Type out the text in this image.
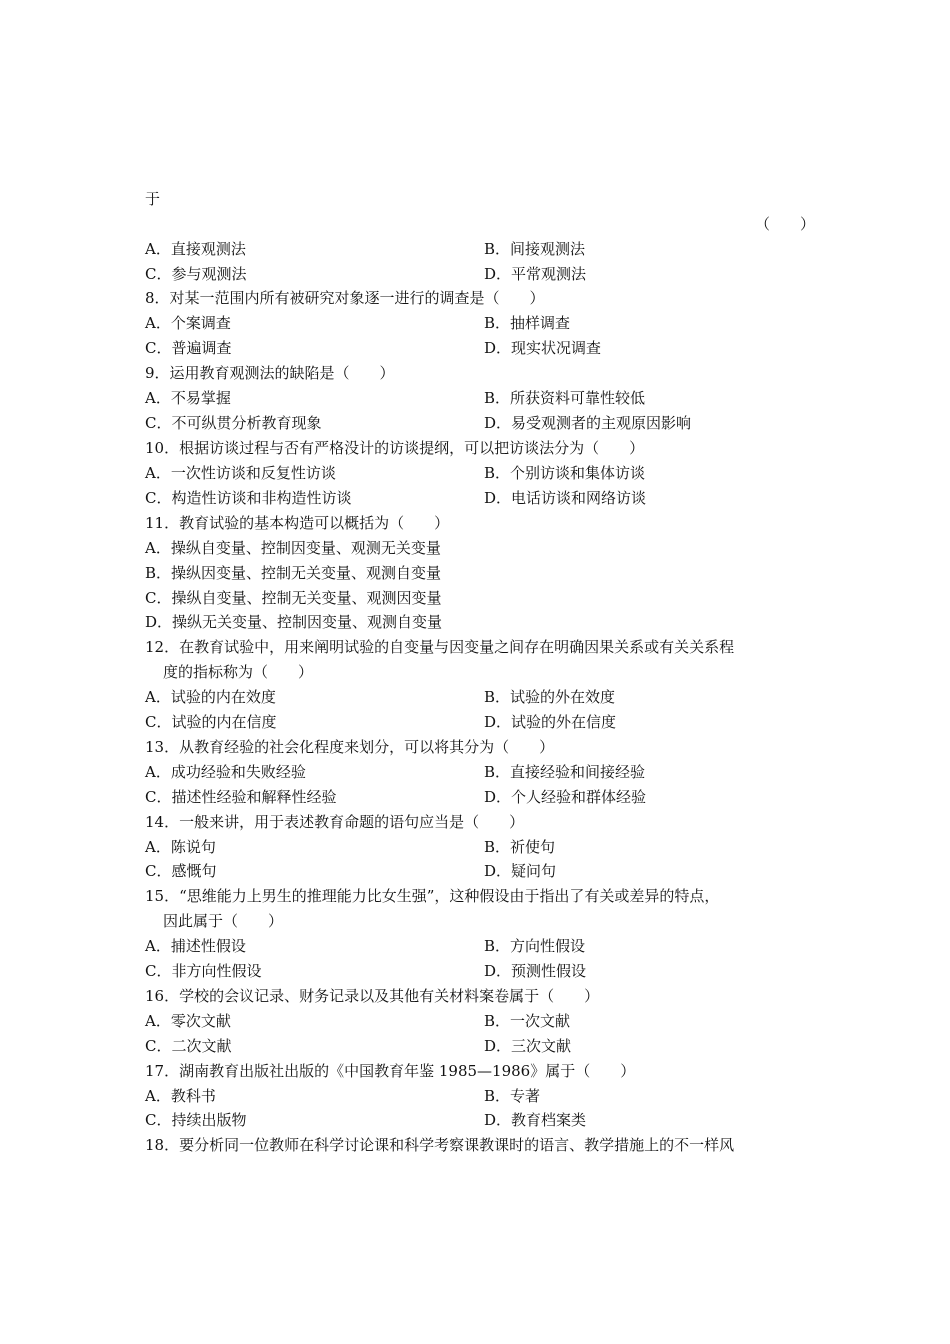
于
（　　）
A．直接观测法	B．间接观测法
C．参与观测法	D．平常观测法
8．对某一范围内所有被研究对象逐一进行的调查是（　　）
A．个案调查	B．抽样调查
C．普遍调查	D．现实状况调查
9．运用教育观测法的缺陷是（　　）
A．不易掌握	B．所获资料可靠性较低
C．不可纵贯分析教育现象	D．易受观测者的主观原因影响
10．根据访谈过程与否有严格没计的访谈提纲，可以把访谈法分为（　　）
A．一次性访谈和反复性访谈	B．个别访谈和集体访谈
C．构造性访谈和非构造性访谈	D．电话访谈和网络访谈
11．教育试验的基本构造可以概括为（　　）
A．操纵自变量、控制因变量、观测无关变量
B．操纵因变量、控制无关变量、观测自变量
C．操纵自变量、控制无关变量、观测因变量
D．操纵无关变量、控制因变量、观测自变量
12．在教育试验中，用来阐明试验的自变量与因变量之间存在明确因果关系或有关关系程
度的指标称为（　　）
A．试验的内在效度	B．试验的外在效度
C．试验的内在信度	D．试验的外在信度
13．从教育经验的社会化程度来划分，可以将其分为（　　）
A．成功经验和失败经验	B．直接经验和间接经验
C．描述性经验和解释性经验	D．个人经验和群体经验
14．一般来讲，用于表述教育命题的语句应当是（　　）
A．陈说句	B．祈使句
C．感慨句	D．疑问句
15．“思维能力上男生的推理能力比女生强”，这种假设由于指出了有关或差异的特点，
因此属于（　　）
A．捕述性假设	B．方向性假设
C．非方向性假设	D．预测性假设
16．学校的会议记录、财务记录以及其他有关材料案卷属于（　　）
A．零次文献	B．一次文献
C．二次文献	D．三次文献
17．湖南教育出版社出版的《中国教育年鉴 1985—1986》属于（　　）
A．教科书	B．专著
C．持续出版物	D．教育档案类
18．要分析同一位教师在科学讨论课和科学考察课教课时的语言、教学措施上的不一样风
